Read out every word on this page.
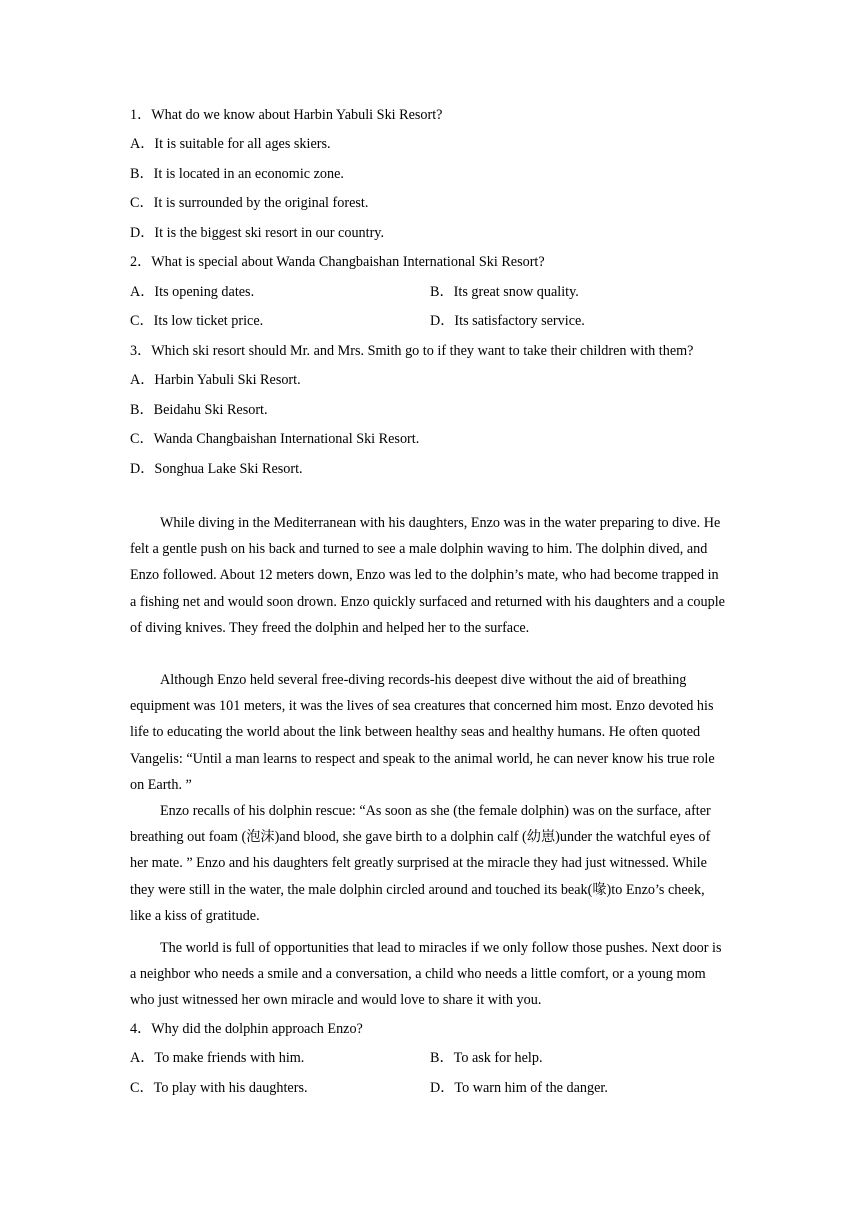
1．What do we know about Harbin Yabuli Ski Resort?
A．It is suitable for all ages skiers.
B．It is located in an economic zone.
C．It is surrounded by the original forest.
D．It is the biggest ski resort in our country.
2．What is special about Wanda Changbaishan International Ski Resort?
A．Its opening dates.	B．Its great snow quality.
C．Its low ticket price.	D．Its satisfactory service.
3．Which ski resort should Mr. and Mrs. Smith go to if they want to take their children with them?
A．Harbin Yabuli Ski Resort.
B．Beidahu Ski Resort.
C．Wanda Changbaishan International Ski Resort.
D．Songhua Lake Ski Resort.

While diving in the Mediterranean with his daughters, Enzo was in the water preparing to dive. He felt a gentle push on his back and turned to see a male dolphin waving to him. The dolphin dived, and Enzo followed. About 12 meters down, Enzo was led to the dolphin’s mate, who had become trapped in a fishing net and would soon drown. Enzo quickly surfaced and returned with his daughters and a couple of diving knives. They freed the dolphin and helped her to the surface.

Although Enzo held several free-diving records-his deepest dive without the aid of breathing equipment was 101 meters, it was the lives of sea creatures that concerned him most. Enzo devoted his life to educating the world about the link between healthy seas and healthy humans. He often quoted Vangelis: “Until a man learns to respect and speak to the animal world, he can never know his true role on Earth. ”

Enzo recalls of his dolphin rescue: “As soon as she (the female dolphin) was on the surface, after breathing out foam (泡沫)and blood, she gave birth to a dolphin calf (幼崽)under the watchful eyes of her mate. ” Enzo and his daughters felt greatly surprised at the miracle they had just witnessed. While they were still in the water, the male dolphin circled around and touched its beak(喙)to Enzo’s cheek, like a kiss of gratitude.

The world is full of opportunities that lead to miracles if we only follow those pushes. Next door is a neighbor who needs a smile and a conversation, a child who needs a little comfort, or a young mom who just witnessed her own miracle and would love to share it with you.

4．Why did the dolphin approach Enzo?
A．To make friends with him.	B．To ask for help.
C．To play with his daughters.	D．To warn him of the danger.
